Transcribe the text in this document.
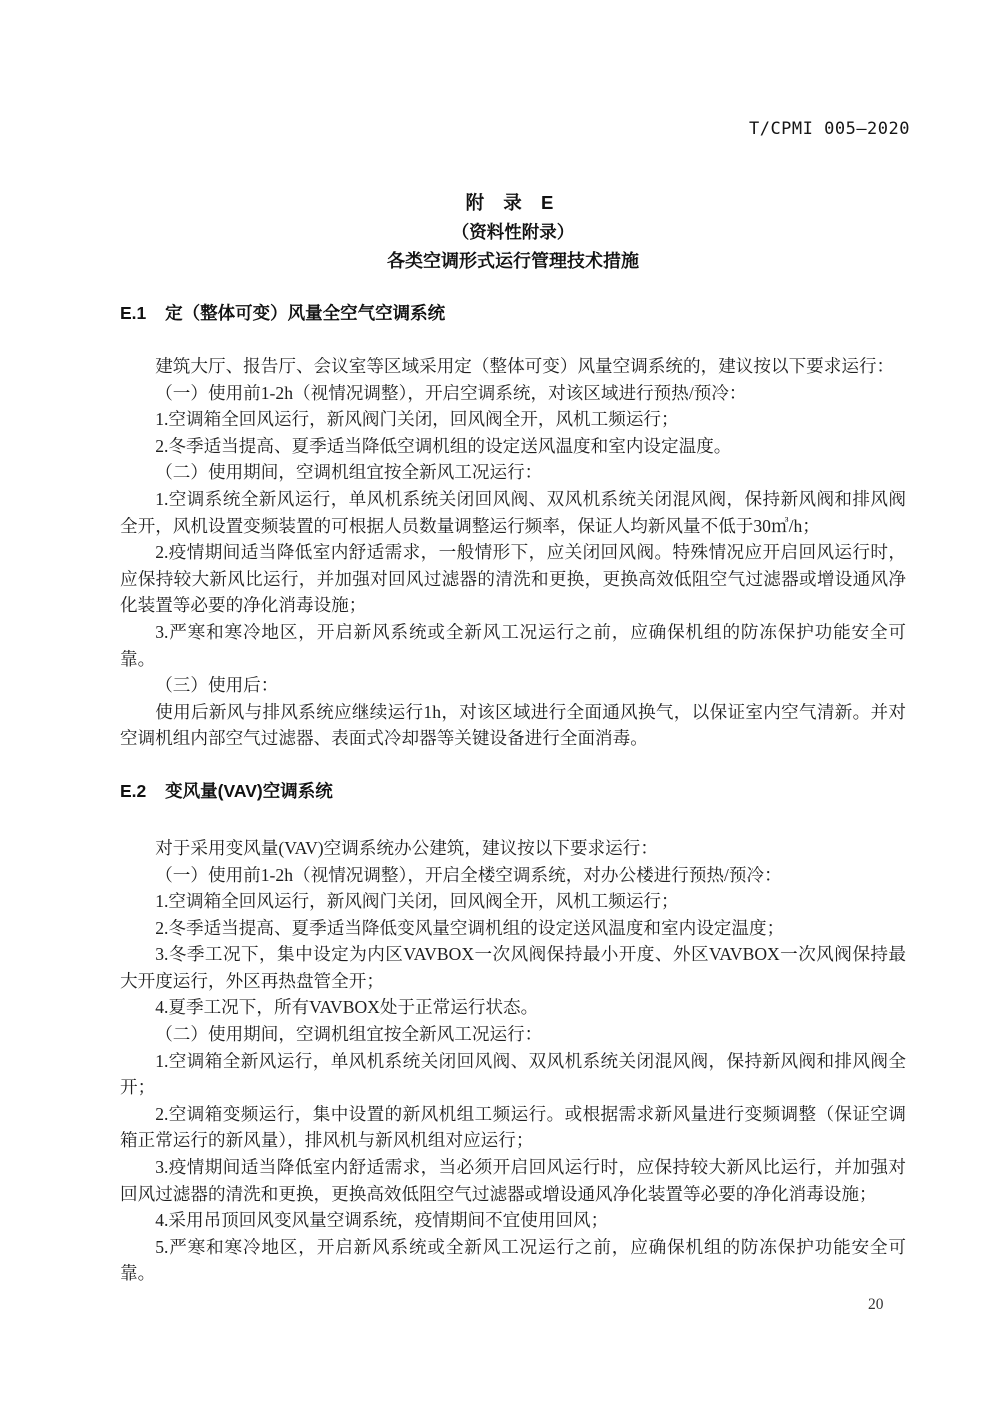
T/CPMI 005—2020
附 录 E
（资料性附录）
各类空调形式运行管理技术措施
E.1 定（整体可变）风量全空气空调系统

建筑大厅、报告厅、会议室等区域采用定（整体可变）风量空调系统的，建议按以下要求运行：

（一）使用前1-2h（视情况调整），开启空调系统，对该区域进行预热/预冷：

1.空调箱全回风运行，新风阀门关闭，回风阀全开，风机工频运行；

2.冬季适当提高、夏季适当降低空调机组的设定送风温度和室内设定温度。

（二）使用期间，空调机组宜按全新风工况运行：

1.空调系统全新风运行，单风机系统关闭回风阀、双风机系统关闭混风阀，保持新风阀和排风阀全开，风机设置变频装置的可根据人员数量调整运行频率，保证人均新风量不低于30㎥/h；

2.疫情期间适当降低室内舒适需求，一般情形下，应关闭回风阀。特殊情况应开启回风运行时，应保持较大新风比运行，并加强对回风过滤器的清洗和更换，更换高效低阻空气过滤器或增设通风净化装置等必要的净化消毒设施；

3.严寒和寒冷地区，开启新风系统或全新风工况运行之前，应确保机组的防冻保护功能安全可靠。

（三）使用后：

使用后新风与排风系统应继续运行1h，对该区域进行全面通风换气，以保证室内空气清新。并对空调机组内部空气过滤器、表面式冷却器等关键设备进行全面消毒。

E.2 变风量(VAV)空调系统

对于采用变风量(VAV)空调系统办公建筑，建议按以下要求运行：

（一）使用前1-2h（视情况调整），开启全楼空调系统，对办公楼进行预热/预冷：

1.空调箱全回风运行，新风阀门关闭，回风阀全开，风机工频运行；

2.冬季适当提高、夏季适当降低变风量空调机组的设定送风温度和室内设定温度；

3.冬季工况下，集中设定为内区VAVBOX一次风阀保持最小开度、外区VAVBOX一次风阀保持最大开度运行，外区再热盘管全开；

4.夏季工况下，所有VAVBOX处于正常运行状态。

（二）使用期间，空调机组宜按全新风工况运行：

1.空调箱全新风运行，单风机系统关闭回风阀、双风机系统关闭混风阀，保持新风阀和排风阀全开；

2.空调箱变频运行，集中设置的新风机组工频运行。或根据需求新风量进行变频调整（保证空调箱正常运行的新风量），排风机与新风机组对应运行；

3.疫情期间适当降低室内舒适需求，当必须开启回风运行时，应保持较大新风比运行，并加强对回风过滤器的清洗和更换，更换高效低阻空气过滤器或增设通风净化装置等必要的净化消毒设施；

4.采用吊顶回风变风量空调系统，疫情期间不宜使用回风；

5.严寒和寒冷地区，开启新风系统或全新风工况运行之前，应确保机组的防冻保护功能安全可靠。

20
